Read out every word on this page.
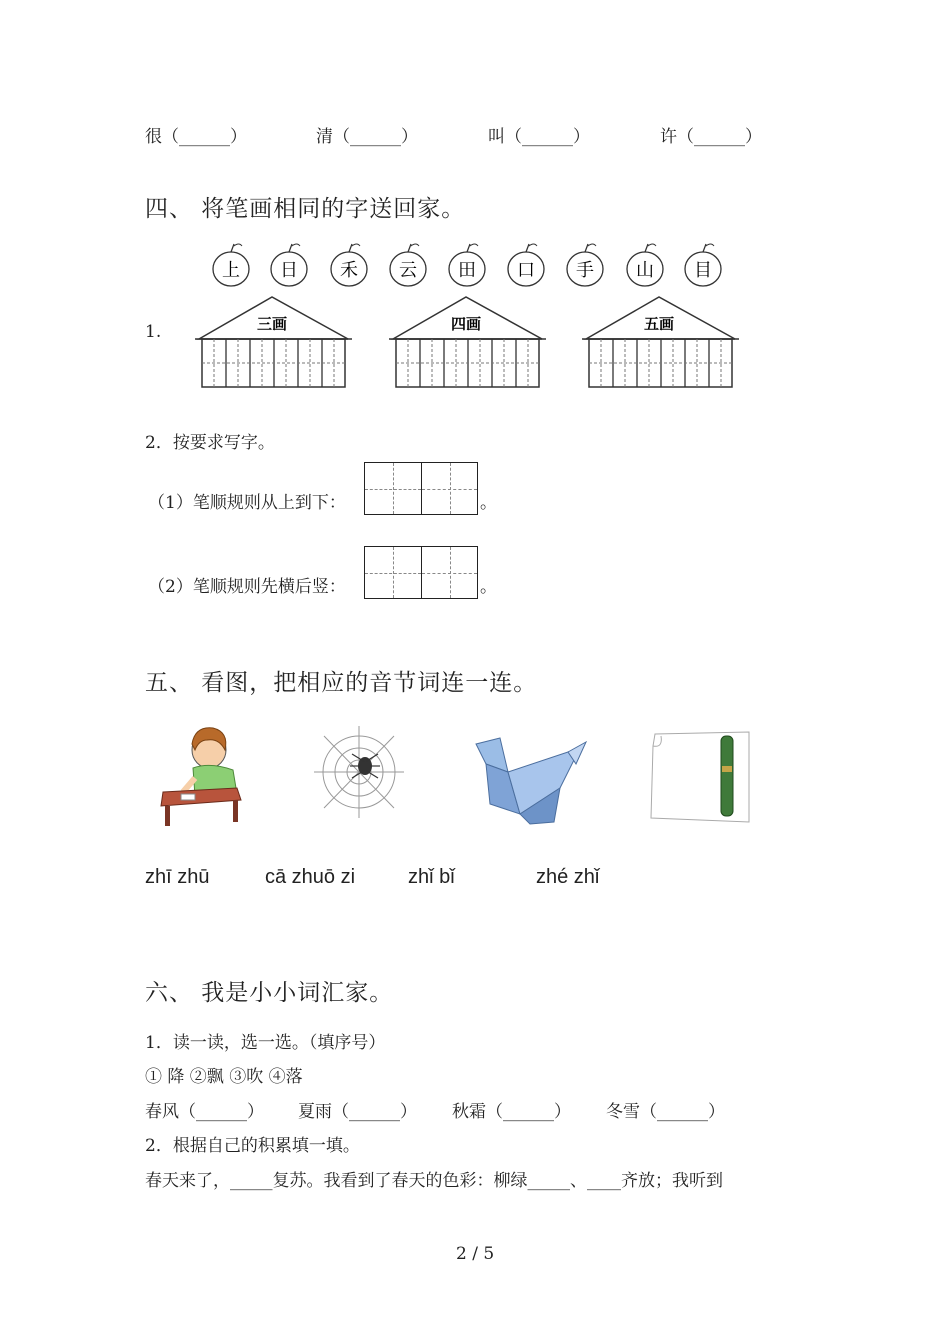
很（______）	清（______）	叫（______）	许（______）
四、 将笔画相同的字送回家。
上 日 禾 云 田 口 手 山 目
1.	三画	四画	五画
2．按要求写字。
（1）笔顺规则从上到下：	。
（2）笔顺规则先横后竖：	。
五、 看图，把相应的音节词连一连。
zhī zhū	cā zhuō zi	zhǐ bǐ	zhé zhǐ
六、 我是小小词汇家。
1．读一读，选一选。（填序号）
① 降 ②飘 ③吹 ④落
春风（______） 夏雨（______） 秋霜（______） 冬雪（______）
2．根据自己的积累填一填。
春天来了，_____复苏。我看到了春天的色彩：柳绿_____、____齐放；我听到
2 / 5
